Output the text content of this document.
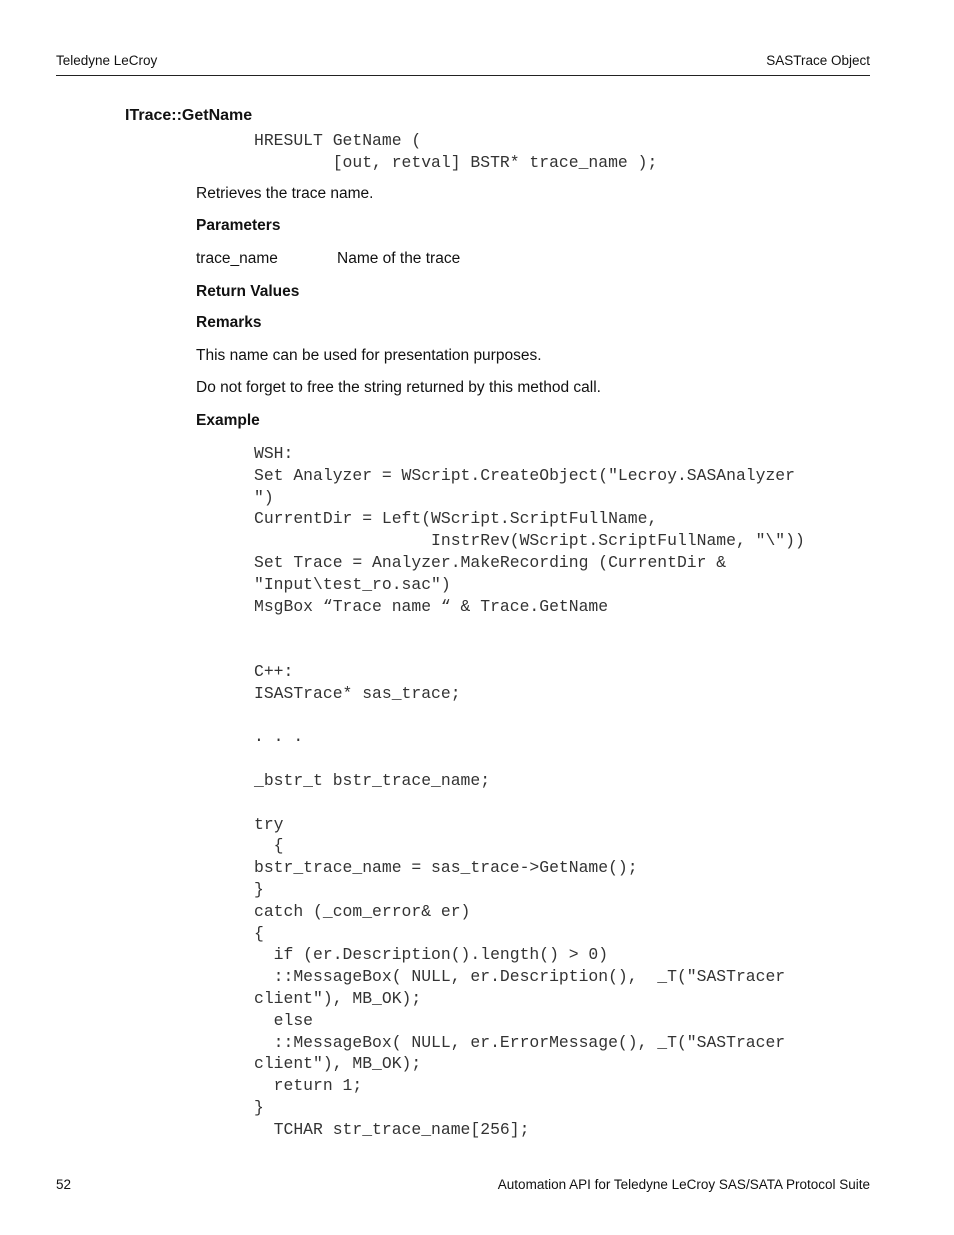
Teledyne LeCroy	SASTrace Object
ITrace::GetName
HRESULT GetName (
[out, retval] BSTR* trace_name );
Retrieves the trace name.
Parameters
trace_name	Name of the trace
Return Values
Remarks
This name can be used for presentation purposes.
Do not forget to free the string returned by this method call.
Example
WSH:
Set Analyzer = WScript.CreateObject("Lecroy.SASAnalyzer
")
CurrentDir = Left(WScript.ScriptFullName,
InstrRev(WScript.ScriptFullName, "\"))
Set Trace = Analyzer.MakeRecording (CurrentDir &
"Input\test_ro.sac")
MsgBox “Trace name “ & Trace.GetName

C++:
ISASTrace* sas_trace;

. . .

_bstr_t bstr_trace_name;

try
{
bstr_trace_name = sas_trace->GetName();
}
catch (_com_error& er)
{
if (er.Description().length() > 0)
::MessageBox( NULL, er.Description(),  _T("SASTracer
client"), MB_OK);
else
::MessageBox( NULL, er.ErrorMessage(), _T("SASTracer
client"), MB_OK);
return 1;
}
TCHAR str_trace_name[256];
52	Automation API for Teledyne LeCroy SAS/SATA Protocol Suite
